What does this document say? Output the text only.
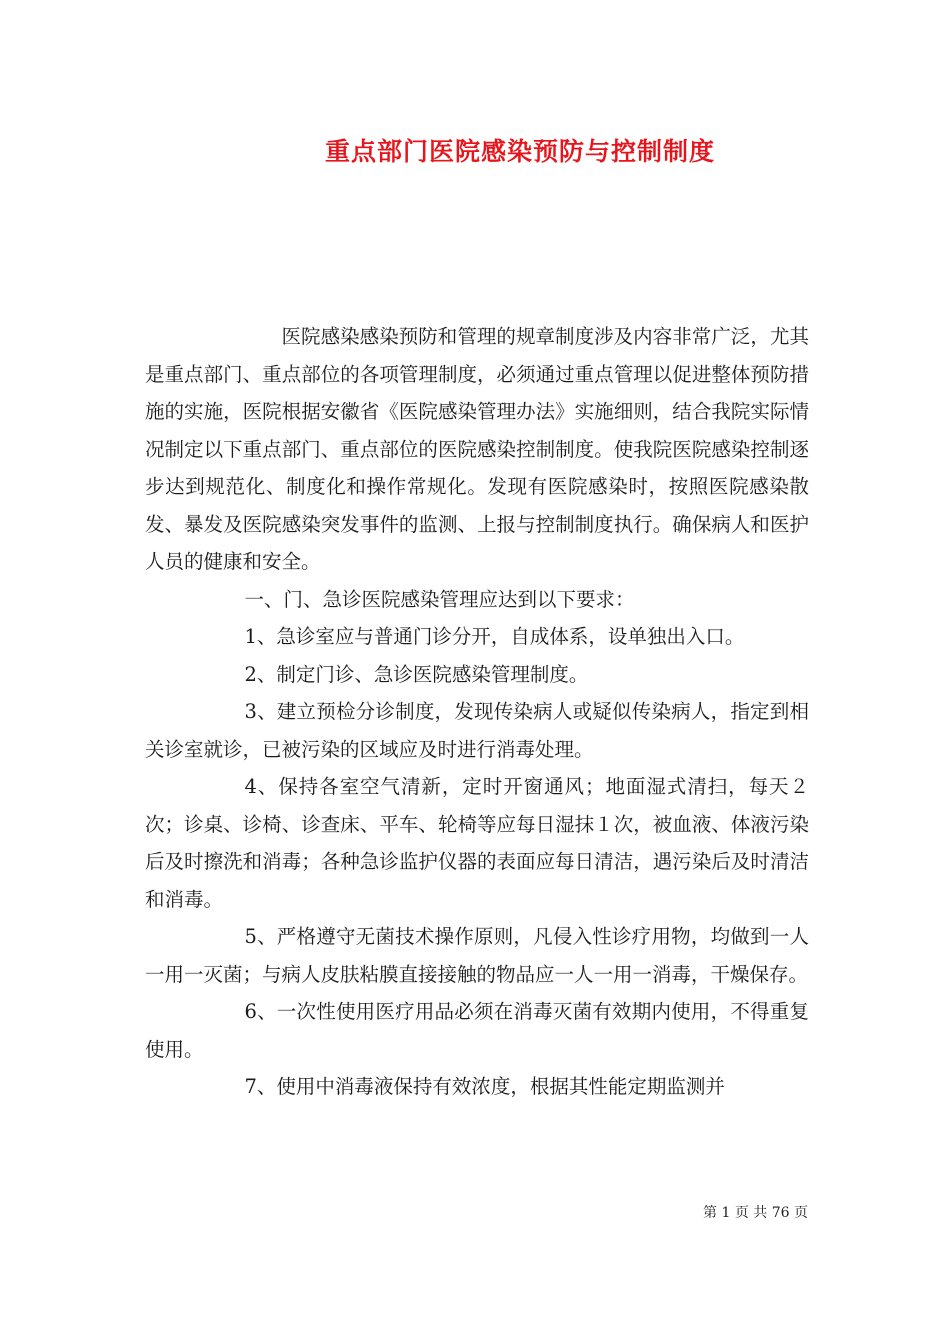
重点部门医院感染预防与控制制度

医院感染感染预防和管理的规章制度涉及内容非常广泛，尤其是重点部门、重点部位的各项管理制度，必须通过重点管理以促进整体预防措施的实施，医院根据安徽省《医院感染管理办法》实施细则，结合我院实际情况制定以下重点部门、重点部位的医院感染控制制度。使我院医院感染控制逐步达到规范化、制度化和操作常规化。发现有医院感染时，按照医院感染散发、暴发及医院感染突发事件的监测、上报与控制制度执行。确保病人和医护人员的健康和安全。

一、门、急诊医院感染管理应达到以下要求：

1、急诊室应与普通门诊分开，自成体系，设单独出入口。

2、制定门诊、急诊医院感染管理制度。

3、建立预检分诊制度，发现传染病人或疑似传染病人，指定到相关诊室就诊，已被污染的区域应及时进行消毒处理。

4、保持各室空气清新，定时开窗通风；地面湿式清扫，每天２次；诊桌、诊椅、诊查床、平车、轮椅等应每日湿抹１次，被血液、体液污染后及时擦洗和消毒；各种急诊监护仪器的表面应每日清洁，遇污染后及时清洁和消毒。

5、严格遵守无菌技术操作原则，凡侵入性诊疗用物，均做到一人一用一灭菌；与病人皮肤粘膜直接接触的物品应一人一用一消毒，干燥保存。

6、一次性使用医疗用品必须在消毒灭菌有效期内使用，不得重复使用。

7、使用中消毒液保持有效浓度，根据其性能定期监测并

第 1 页 共 76 页
